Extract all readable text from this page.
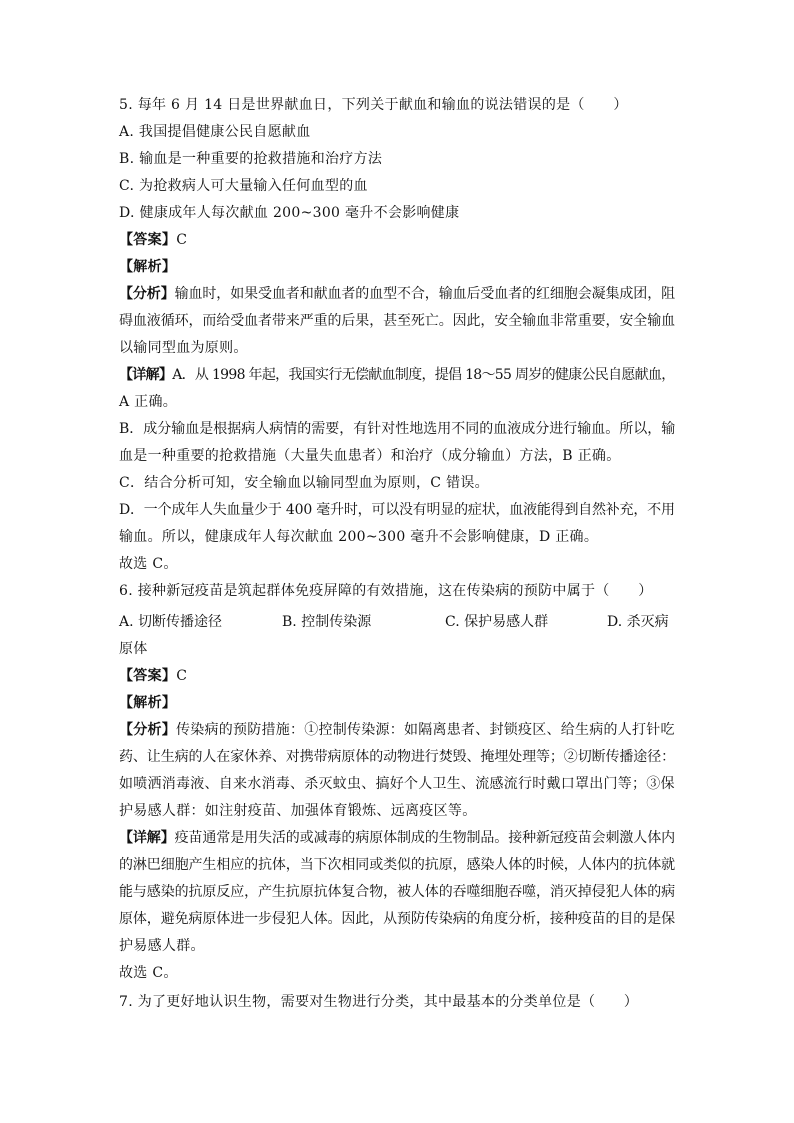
5. 每年 6 月 14 日是世界献血日，下列关于献血和输血的说法错误的是（　　）
A. 我国提倡健康公民自愿献血
B. 输血是一种重要的抢救措施和治疗方法
C. 为抢救病人可大量输入任何血型的血
D. 健康成年人每次献血 200~300 毫升不会影响健康
【答案】C
【解析】
【分析】输血时，如果受血者和献血者的血型不合，输血后受血者的红细胞会凝集成团，阻
碍血液循环，而给受血者带来严重的后果，甚至死亡。因此，安全输血非常重要，安全输血
以输同型血为原则。
【详解】A．从 1998 年起，我国实行无偿献血制度，提倡 18～55 周岁的健康公民自愿献血，
A 正确。
B．成分输血是根据病人病情的需要，有针对性地选用不同的血液成分进行输血。所以，输
血是一种重要的抢救措施（大量失血患者）和治疗（成分输血）方法，B 正确。
C．结合分析可知，安全输血以输同型血为原则，C 错误。
D．一个成年人失血量少于 400 毫升时，可以没有明显的症状，血液能得到自然补充，不用
输血。所以，健康成年人每次献血 200~300 毫升不会影响健康，D 正确。
故选 C。
6. 接种新冠疫苗是筑起群体免疫屏障的有效措施，这在传染病的预防中属于（　　）
A. 切断传播途径	B. 控制传染源	C. 保护易感人群	D. 杀灭病
原体
【答案】C
【解析】
【分析】传染病的预防措施：①控制传染源：如隔离患者、封锁疫区、给生病的人打针吃
药、让生病的人在家休养、对携带病原体的动物进行焚毁、掩埋处理等；②切断传播途径：
如喷洒消毒液、自来水消毒、杀灭蚊虫、搞好个人卫生、流感流行时戴口罩出门等；③保
护易感人群：如注射疫苗、加强体育锻炼、远离疫区等。
【详解】疫苗通常是用失活的或减毒的病原体制成的生物制品。接种新冠疫苗会刺激人体内
的淋巴细胞产生相应的抗体，当下次相同或类似的抗原，感染人体的时候，人体内的抗体就
能与感染的抗原反应，产生抗原抗体复合物，被人体的吞噬细胞吞噬，消灭掉侵犯人体的病
原体，避免病原体进一步侵犯人体。因此，从预防传染病的角度分析，接种疫苗的目的是保
护易感人群。
故选 C。
7. 为了更好地认识生物，需要对生物进行分类，其中最基本的分类单位是（　　）
